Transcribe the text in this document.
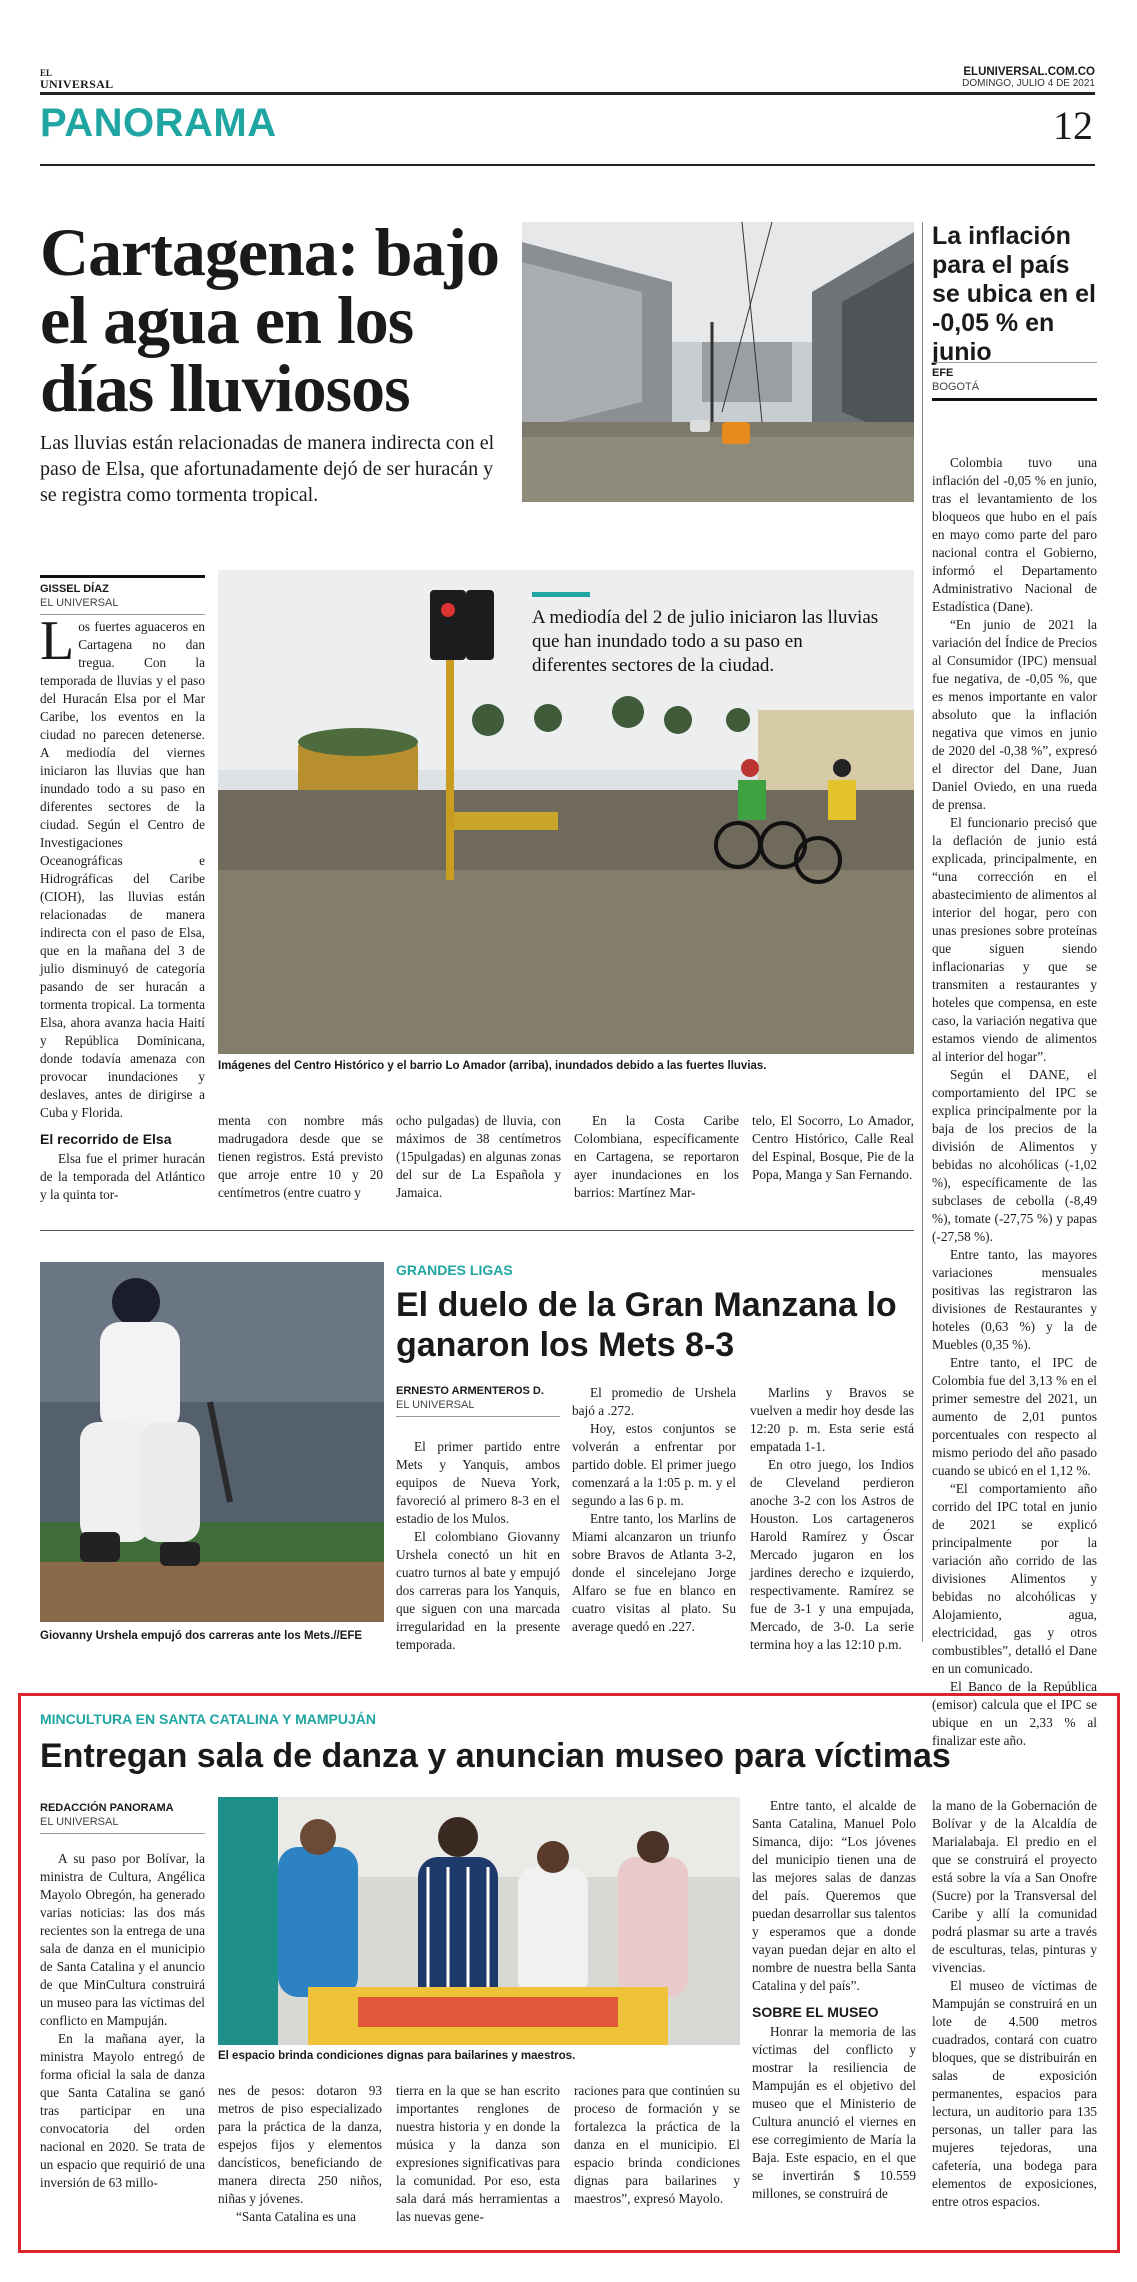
EL
UNIVERSAL
ELUNIVERSAL.COM.CO
DOMINGO, JULIO 4 DE 2021
PANORAMA	12
Cartagena: bajo el agua en los días lluviosos

Las lluvias están relacionadas de manera indirecta con el paso de Elsa, que afortunadamente dejó de ser huracán y se registra como tormenta tropical.

GISSEL DÍAZ
EL UNIVERSAL

Los fuertes aguaceros en Cartagena no dan tregua. Con la temporada de lluvias y el paso del Huracán Elsa por el Mar Caribe, los eventos en la ciudad no parecen detenerse. A mediodía del viernes iniciaron las lluvias que han inundado todo a su paso en diferentes sectores de la ciudad. Según el Centro de Investigaciones Oceanográficas e Hidrográficas del Caribe (CIOH), las lluvias están relacionadas de manera indirecta con el paso de Elsa, que en la mañana del 3 de julio disminuyó de categoría pasando de ser huracán a tormenta tropical. La tormenta Elsa, ahora avanza hacia Haití y República Dominicana, donde todavía amenaza con provocar inundaciones y deslaves, antes de dirigirse a Cuba y Florida.

El recorrido de Elsa

Elsa fue el primer huracán de la temporada del Atlántico y la quinta tor-

A mediodía del 2 de julio iniciaron las lluvias que han inundado todo a su paso en diferentes sectores de la ciudad.

Imágenes del Centro Histórico y el barrio Lo Amador (arriba), inundados debido a las fuertes lluvias.

menta con nombre más madrugadora desde que se tienen registros. Está previsto que arroje entre 10 y 20 centímetros (entre cuatro y
ocho pulgadas) de lluvia, con máximos de 38 centímetros (15pulgadas) en algunas zonas del sur de La Española y Jamaica.

En la Costa Caribe Colombiana, específicamente en Cartagena, se reportaron ayer inundaciones en los barrios: Martínez Mar-

telo, El Socorro, Lo Amador, Centro Histórico, Calle Real del Espinal, Bosque, Pie de la Popa, Manga y San Fernando.
La inflación para el país se ubica en el -0,05 % en junio
EFE
BOGOTÁ

Colombia tuvo una inflación del -0,05 % en junio, tras el levantamiento de los bloqueos que hubo en el país en mayo como parte del paro nacional contra el Gobierno, informó el Departamento Administrativo Nacional de Estadística (Dane).

“En junio de 2021 la variación del Índice de Precios al Consumidor (IPC) mensual fue negativa, de -0,05 %, que es menos importante en valor absoluto que la inflación negativa que vimos en junio de 2020 del -0,38 %”, expresó el director del Dane, Juan Daniel Oviedo, en una rueda de prensa.

El funcionario precisó que la deflación de junio está explicada, principalmente, en “una corrección en el abastecimiento de alimentos al interior del hogar, pero con unas presiones sobre proteínas que siguen siendo inflacionarias y que se transmiten a restaurantes y hoteles que compensa, en este caso, la variación negativa que estamos viendo de alimentos al interior del hogar”.

Según el DANE, el comportamiento del IPC se explica principalmente por la baja de los precios de la división de Alimentos y bebidas no alcohólicas (-1,02 %), específicamente de las subclases de cebolla (-8,49 %), tomate (-27,75 %) y papas (-27,58 %).

Entre tanto, las mayores variaciones mensuales positivas las registraron las divisiones de Restaurantes y hoteles (0,63 %) y la de Muebles (0,35 %).

Entre tanto, el IPC de Colombia fue del 3,13 % en el primer semestre del 2021, un aumento de 2,01 puntos porcentuales con respecto al mismo periodo del año pasado cuando se ubicó en el 1,12 %.

“El comportamiento año corrido del IPC total en junio de 2021 se explicó principalmente por la variación año corrido de las divisiones Alimentos y bebidas no alcohólicas y Alojamiento, agua, electricidad, gas y otros combustibles”, detalló el Dane en un comunicado.

El Banco de la República (emisor) calcula que el IPC se ubique en un 2,33 % al finalizar este año.

Giovanny Urshela empujó dos carreras ante los Mets.//EFE

GRANDES LIGAS
El duelo de la Gran Manzana lo ganaron los Mets 8-3
ERNESTO ARMENTEROS D.
EL UNIVERSAL

El primer partido entre Mets y Yanquis, ambos equipos de Nueva York, favoreció al primero 8-3 en el estadio de los Mulos.

El colombiano Giovanny Urshela conectó un hit en cuatro turnos al bate y empujó dos carreras para los Yanquis, que siguen con una marcada irregularidad en la presente temporada.

El promedio de Urshela bajó a .272.

Hoy, estos conjuntos se volverán a enfrentar por partido doble. El primer juego comenzará a la 1:05 p. m. y el segundo a las 6 p. m.

Entre tanto, los Marlins de Miami alcanzaron un triunfo sobre Bravos de Atlanta 3-2, donde el sincelejano Jorge Alfaro se fue en blanco en cuatro visitas al plato. Su average quedó en .227.

Marlins y Bravos se vuelven a medir hoy desde las 12:20 p. m. Esta serie está empatada 1-1.

En otro juego, los Indios de Cleveland perdieron anoche 3-2 con los Astros de Houston. Los cartageneros Harold Ramírez y Óscar Mercado jugaron en los jardines derecho e izquierdo, respectivamente. Ramírez se fue de 3-1 y una empujada, Mercado, de 3-0. La serie termina hoy a las 12:10 p.m.

MINCULTURA EN SANTA CATALINA Y MAMPUJÁN
Entregan sala de danza y anuncian museo para víctimas
REDACCIÓN PANORAMA
EL UNIVERSAL

A su paso por Bolívar, la ministra de Cultura, Angélica Mayolo Obregón, ha generado varias noticias: las dos más recientes son la entrega de una sala de danza en el municipio de Santa Catalina y el anuncio de que MinCultura construirá un museo para las víctimas del conflicto en Mampuján.

En la mañana ayer, la ministra Mayolo entregó de forma oficial la sala de danza que Santa Catalina se ganó tras participar en una convocatoria del orden nacional en 2020. Se trata de un espacio que requirió de una inversión de 63 millo-

El espacio brinda condiciones dignas para bailarines y maestros.

nes de pesos: dotaron 93 metros de piso especializado para la práctica de la danza, espejos fijos y elementos dancísticos, beneficiando de manera directa 250 niños, niñas y jóvenes.

“Santa Catalina es una

tierra en la que se han escrito importantes renglones de nuestra historia y en donde la música y la danza son expresiones significativas para la comunidad. Por eso, esta sala dará más herramientas a las nuevas gene-
raciones para que continúen su proceso de formación y se fortalezca la práctica de la danza en el municipio. El espacio brinda condiciones dignas para bailarines y maestros”, expresó Mayolo.

Entre tanto, el alcalde de Santa Catalina, Manuel Polo Simanca, dijo: “Los jóvenes del municipio tienen una de las mejores salas de danzas del país. Queremos que puedan desarrollar sus talentos y esperamos que a donde vayan puedan dejar en alto el nombre de nuestra bella Santa Catalina y del país”.

SOBRE EL MUSEO

Honrar la memoria de las víctimas del conflicto y mostrar la resiliencia de Mampuján es el objetivo del museo que el Ministerio de Cultura anunció el viernes en ese corregimiento de María la Baja. Este espacio, en el que se invertirán $ 10.559 millones, se construirá de

la mano de la Gobernación de Bolívar y de la Alcaldía de Marialabaja. El predio en el que se construirá el proyecto está sobre la vía a San Onofre (Sucre) por la Transversal del Caribe y allí la comunidad podrá plasmar su arte a través de esculturas, telas, pinturas y vivencias.

El museo de víctimas de Mampuján se construirá en un lote de 4.500 metros cuadrados, contará con cuatro bloques, que se distribuirán en salas de exposición permanentes, espacios para lectura, un auditorio para 135 personas, un taller para las mujeres tejedoras, una cafetería, una bodega para elementos de exposiciones, entre otros espacios.
